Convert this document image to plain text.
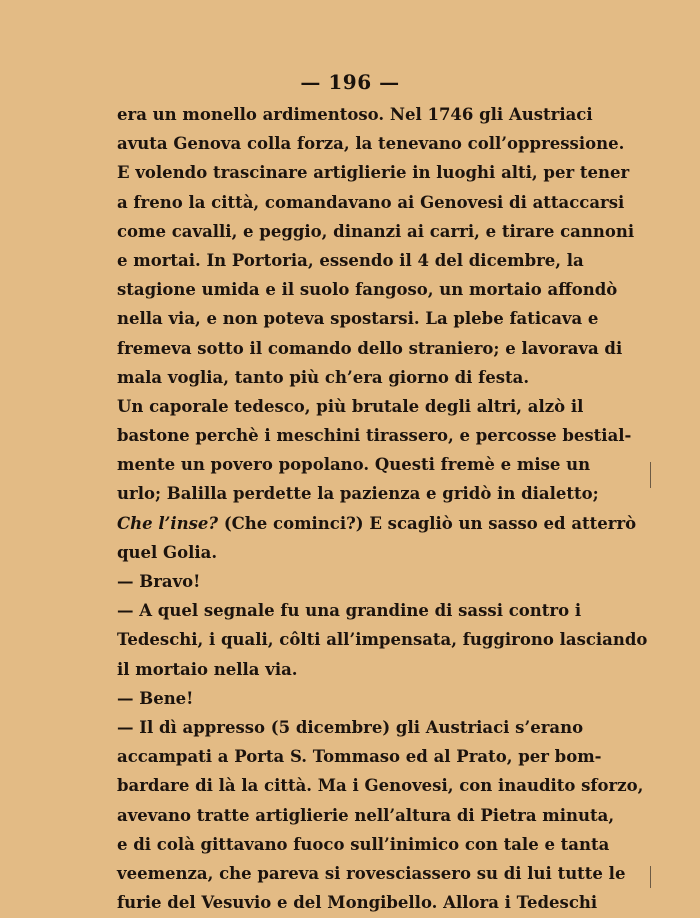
— 196 —
era un monello ardimentoso. Nel 1746 gli Austriaci
avuta Genova colla forza, la tenevano coll’oppressione.
E volendo trascinare artiglierie in luoghi alti, per tener
a freno la città, comandavano ai Genovesi di attaccarsi
come cavalli, e peggio, dinanzi ai carri, e tirare cannoni
e mortai. In Portoria, essendo il 4 del dicembre, la
stagione umida e il suolo fangoso, un mortaio affondò
nella via, e non poteva spostarsi. La plebe faticava e
fremeva sotto il comando dello straniero; e lavorava di
mala voglia, tanto più ch’era giorno di festa.
Un caporale tedesco, più brutale degli altri, alzò il
bastone perchè i meschini tirassero, e percosse bestial-
mente un povero popolano. Questi fremè e mise un
urlo; Balilla perdette la pazienza e gridò in dialetto;
Che l’inse? (Che cominci?) E scagliò un sasso ed atterrò
quel Golia.
— Bravo!
— A quel segnale fu una grandine di sassi contro i
Tedeschi, i quali, côlti all’impensata, fuggirono lasciando
il mortaio nella via.
— Bene!
— Il dì appresso (5 dicembre) gli Austriaci s’erano
accampati a Porta S. Tommaso ed al Prato, per bom-
bardare di là la città. Ma i Genovesi, con inaudito sforzo,
avevano tratte artiglierie nell’altura di Pietra minuta,
e di colà gittavano fuoco sull’inimico con tale e tanta
veemenza, che pareva si rovesciassero su di lui tutte le
furie del Vesuvio e del Mongibello. Allora i Tedeschi
